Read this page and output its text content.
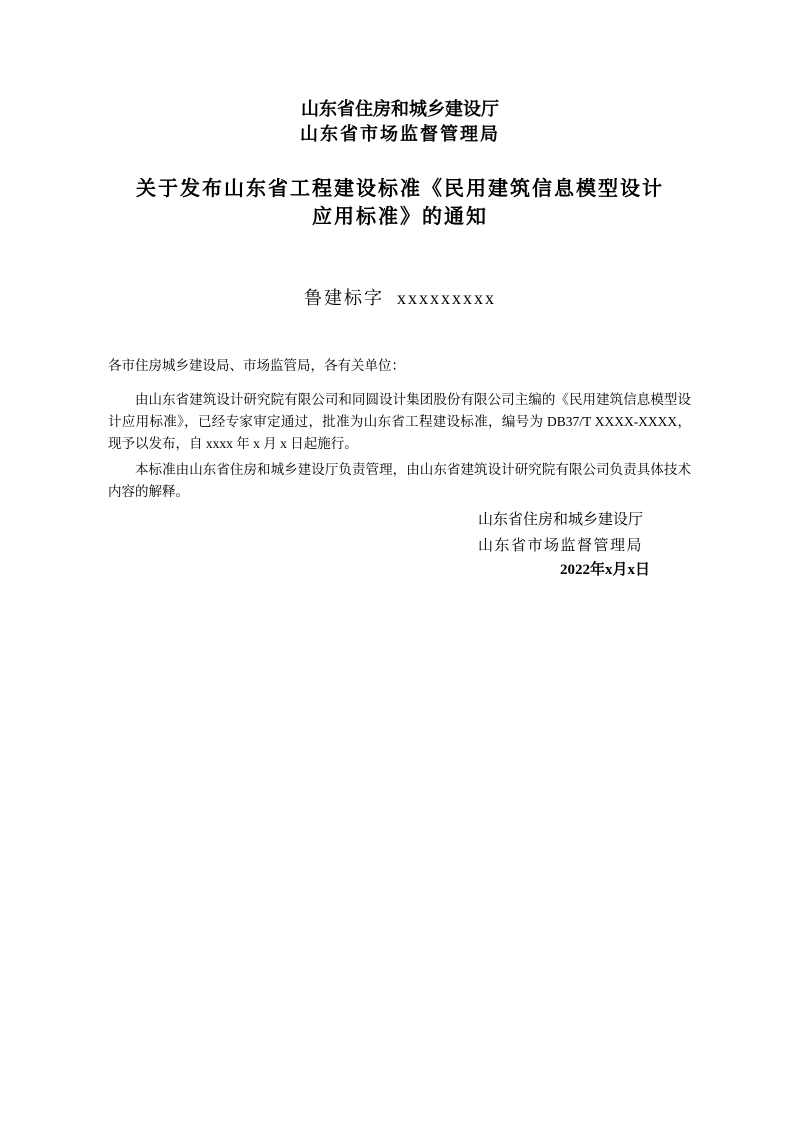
山东省住房和城乡建设厅
山东省市场监督管理局
关于发布山东省工程建设标准《民用建筑信息模型设计
应用标准》的通知
鲁建标字  xxxxxxxxx
各市住房城乡建设局、市场监管局，各有关单位：
由山东省建筑设计研究院有限公司和同圆设计集团股份有限公司主编的《民用建筑信息模型设计应用标准》，已经专家审定通过，批准为山东省工程建设标准，编号为 DB37/T XXXX-XXXX，现予以发布，自 xxxx 年 x 月 x 日起施行。
本标准由山东省住房和城乡建设厅负责管理，由山东省建筑设计研究院有限公司负责具体技术内容的解释。
山东省住房和城乡建设厅
山东省市场监督管理局
2022年x月x日
